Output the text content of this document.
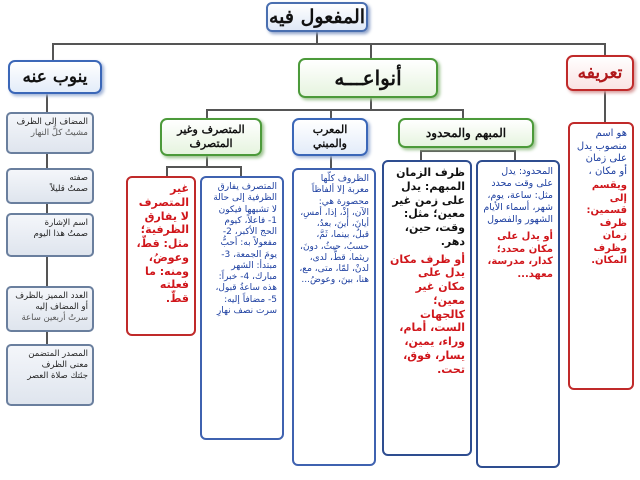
المفعول فيه
ينوب عنه	أنواعـــه	تعريفه
المتصرف وغير المتصرف
المعرب والمبني
المبهم والمحدود
المضاف إلى الظرف
مشيتُ كلَّ النهار
صفته
صمتُ قليلاً
اسم الإشارة
صمتُ هذا اليوم
العدد المميز بالظرف أو المضاف إليه
سرتُ أربعين ساعة
المصدر المتضمن معنى الظرف
جئتك صلاة العصر
غير المتصرف لا يفارق الظرفية؛ مثل: قطّ، وعوضُ، ومنه: ما فعلته قطّ.
المتصرف يفارق الظرفية إلى حالة لا تشبهها فيكون 1- فاعلاً، كيوم الحج الأكبر، 2- مفعولاً به: أحبُّ يومَ الجمعة، 3- مبتدأ: الشهر مبارك، 4- خبراً: هذه ساعةُ قبول، 5- مضافاً إليه: سرت نصف نهارِ
الظروف كلّها معربة إلا ألفاظاً محصورة هي: الآن، إذْ، إذا، أمسِ، أيانَ، أينَ، بعدُ، قبلُ، بينما، ثَمَّ، حسبُ، حيثُ، دونَ، ريثما، قطُّ، لدى، لدنْ، لمّا، متى، مع، هنا، بينَ، وعوضُ...
ظرف الزمان المبهم: يدل على زمن غير معين؛ مثل: وقت، حين، دهر.
أو ظرف مكان يدل على مكان غير معين؛ كالجهات الست، أمام، وراء، يمين، يسار، فوق، تحت.
المحدود: يدل على وقت محدد مثل: ساعة، يوم، شهر، أسماء الأيام الشهور والفصول
أو يدل على مكان محدد؛ كدار، مدرسة، معهد...
هو اسم منصوب يدل على زمان أو مكان ،
ويقسم إلى قسمين: ظرف زمان وظرف المكان.
